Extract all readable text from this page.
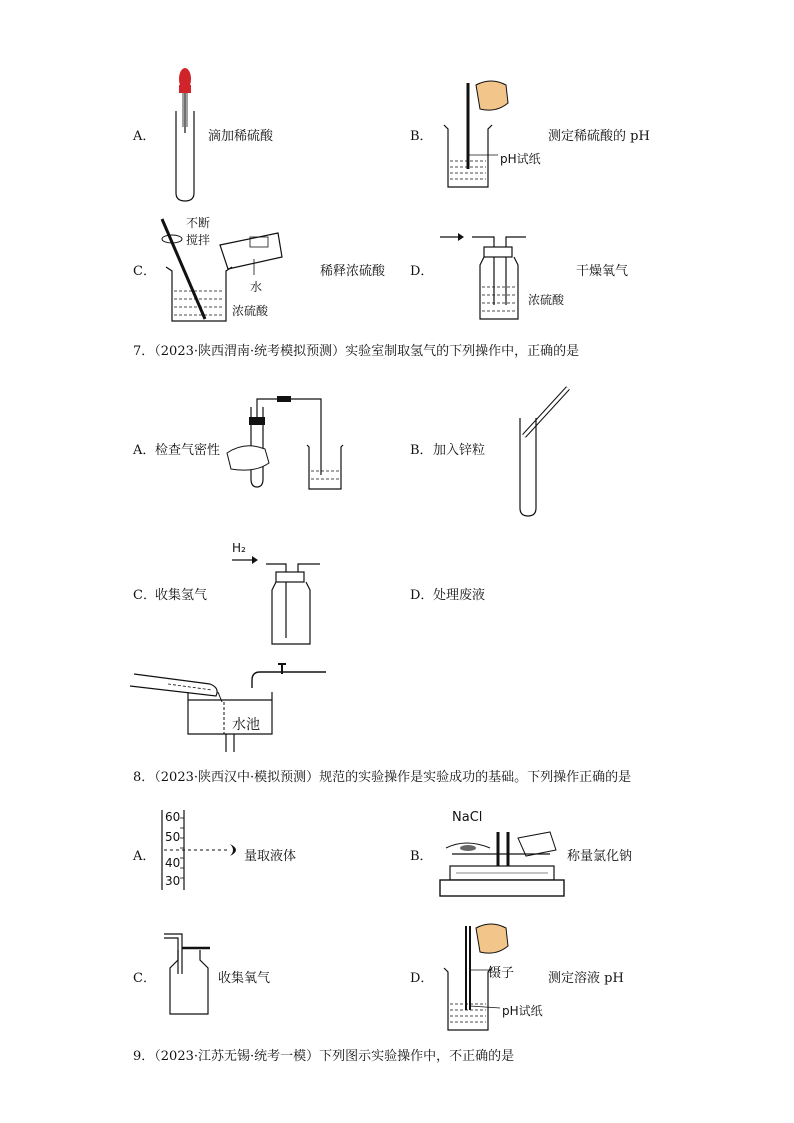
A．	滴加稀硫酸	B．
pH试纸
测定稀硫酸的 pH
C．
不断
搅拌
水
浓硫酸
稀释浓硫酸 D．
浓硫酸
干燥氧气
7．（2023·陕西渭南·统考模拟预测）实验室制取氢气的下列操作中，正确的是
A． 检查气密性	B． 加入锌粒
C． 收集氢气
H₂
D． 处理废液
水池
8．（2023·陕西汉中·模拟预测）规范的实验操作是实验成功的基础。下列操作正确的是
A．
60
50
40
30
量取液体	B．
NaCl
称量氯化钠
C．	收集氧气	D．	镊子
pH试纸
测定溶液 pH
9．（2023·江苏无锡·统考一模）下列图示实验操作中，不正确的是
